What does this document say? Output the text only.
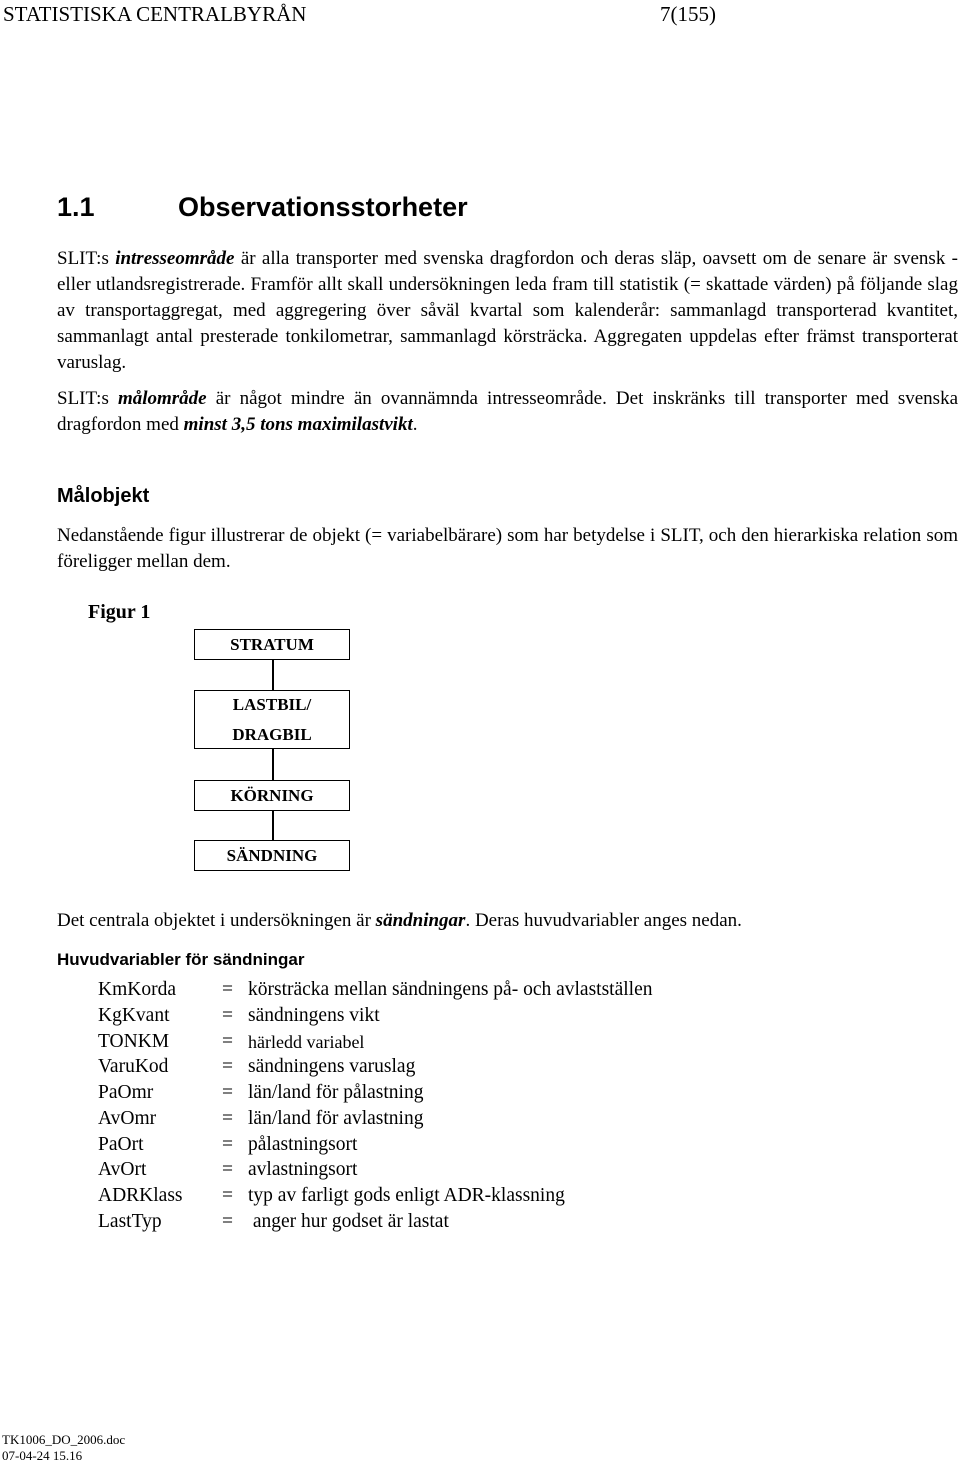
STATISTISKA CENTRALBYRÅN	7(155)
1.1	Observationsstorheter

SLIT:s intresseområde är alla transporter med svenska dragfordon och deras släp, oavsett om de senare är svensk - eller utlandsregistrerade. Framför allt skall undersökningen leda fram till statistik (= skattade värden) på följande slag av transportaggregat, med aggregering över såväl kvartal som kalenderår: sammanlagd transporterad kvantitet, sammanlagt antal presterade tonkilometrar, sammanlagd körsträcka. Aggregaten uppdelas efter främst transporterat varuslag.

SLIT:s målområde är något mindre än ovannämnda intresseområde. Det inskränks till transporter med svenska dragfordon med minst 3,5 tons maximilastvikt.

Målobjekt

Nedanstående figur illustrerar de objekt (= variabelbärare) som har betydelse i SLIT, och den hierarkiska relation som föreligger mellan dem.

Figur 1
STRATUM
LASTBIL/
DRAGBIL
KÖRNING
SÄNDNING

Det centrala objektet i undersökningen är sändningar. Deras huvudvariabler anges nedan.

Huvudvariabler för sändningar
KmKorda = körsträcka mellan sändningens på- och avlastställen
KgKvant	= sändningens vikt
TONKM	= härledd variabel
VaruKod	= sändningens varuslag
PaOmr	= län/land för pålastning
AvOmr	= län/land för avlastning
PaOrt	= pålastningsort
AvOrt	= avlastningsort
ADRKlass = typ av farligt gods enligt ADR-klassning
LastTyp	= anger hur godset är lastat
TK1006_DO_2006.doc
07-04-24 15.16
